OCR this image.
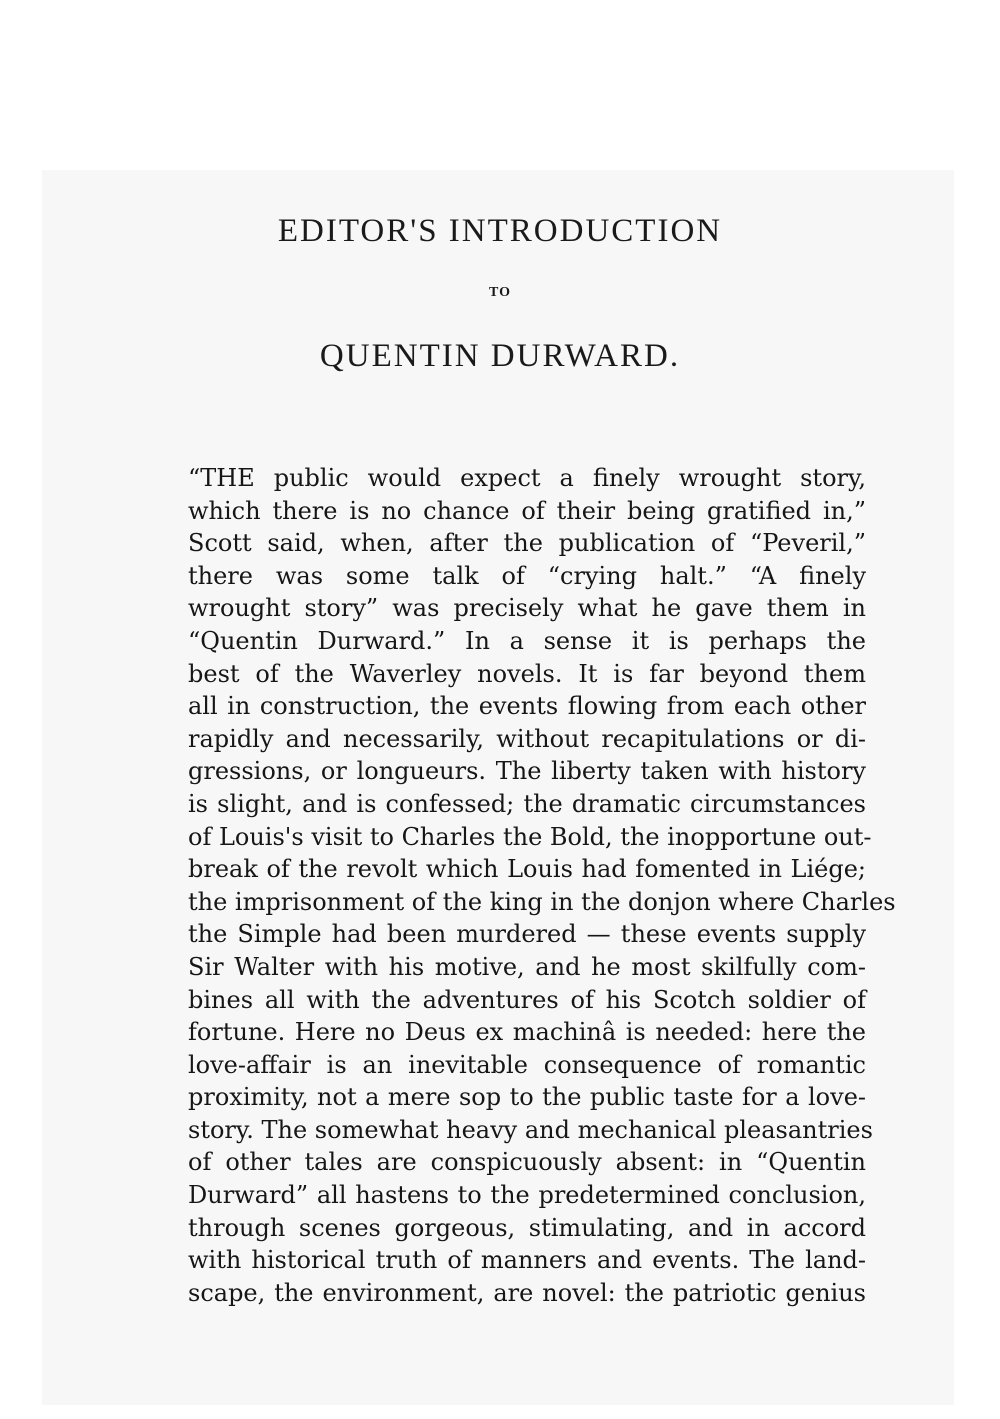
EDITOR'S INTRODUCTION
TO
QUENTIN DURWARD.
“THE public would expect a finely wrought story,
which there is no chance of their being gratified in,”
Scott said, when, after the publication of “Peveril,”
there was some talk of “crying halt.” “A finely
wrought story” was precisely what he gave them in
“Quentin Durward.” In a sense it is perhaps the
best of the Waverley novels. It is far beyond them
all in construction, the events flowing from each other
rapidly and necessarily, without recapitulations or di-
gressions, or longueurs. The liberty taken with history
is slight, and is confessed; the dramatic circumstances
of Louis's visit to Charles the Bold, the inopportune out-
break of the revolt which Louis had fomented in Liége;
the imprisonment of the king in the donjon where Charles
the Simple had been murdered — these events supply
Sir Walter with his motive, and he most skilfully com-
bines all with the adventures of his Scotch soldier of
fortune. Here no Deus ex machinâ is needed: here the
love-affair is an inevitable consequence of romantic
proximity, not a mere sop to the public taste for a love-
story. The somewhat heavy and mechanical pleasantries
of other tales are conspicuously absent: in “Quentin
Durward” all hastens to the predetermined conclusion,
through scenes gorgeous, stimulating, and in accord
with historical truth of manners and events. The land-
scape, the environment, are novel: the patriotic genius
